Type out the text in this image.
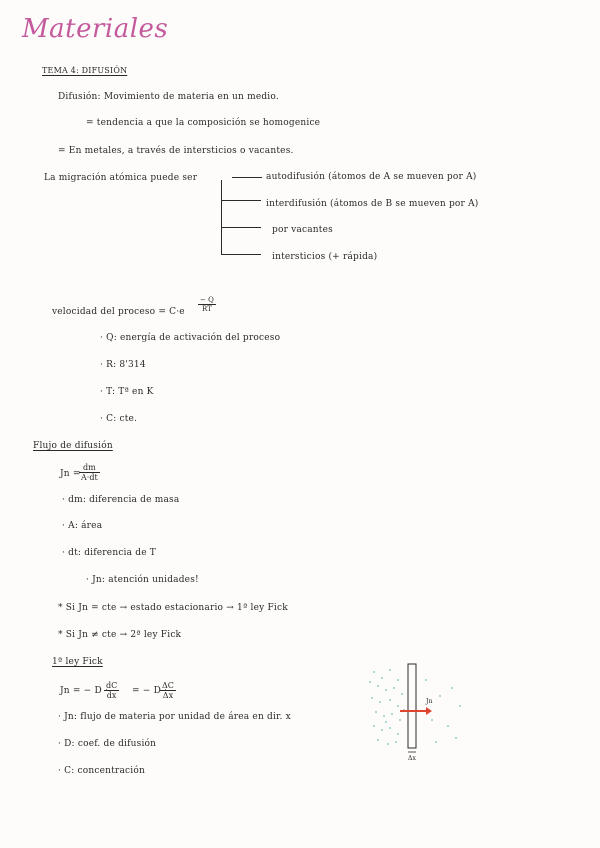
Materiales
TEMA 4: DIFUSIÓN
Difusión: Movimiento de materia en un medio.
= tendencia a que la composición se homogenice
= En metales, a través de intersticios o vacantes.
La migración atómica puede ser	autodifusión (átomos de A se mueven por A)
interdifusión (átomos de B se mueven por A)
por vacantes
intersticios (+ rápida)
velocidad del proceso = $C\cdot e \frac{- Q}{RT}$
· Q: energía de activación del proceso
· R: 8'314
· T: Tª en K
· C: cte.
Flujo de difusión
Jn =
$\frac{dm}{A\cdot dt}$
· dm: diferencia de masa
· A: área
· dt: diferencia de T
· Jn: atención unidades!
* Si Jn = cte → estado estacionario → 1ª ley Fick
* Si Jn ≠ cte → 2ª ley Fick
1ª ley Fick
Jn = − D ·
$\frac{dC}{dx}$ = − D ·
$\frac{\Delta C}{\Delta x}$
· Jn: flujo de materia por unidad de área en dir. x
· D: coef. de difusión
· C: concentración
Jn
Δx
